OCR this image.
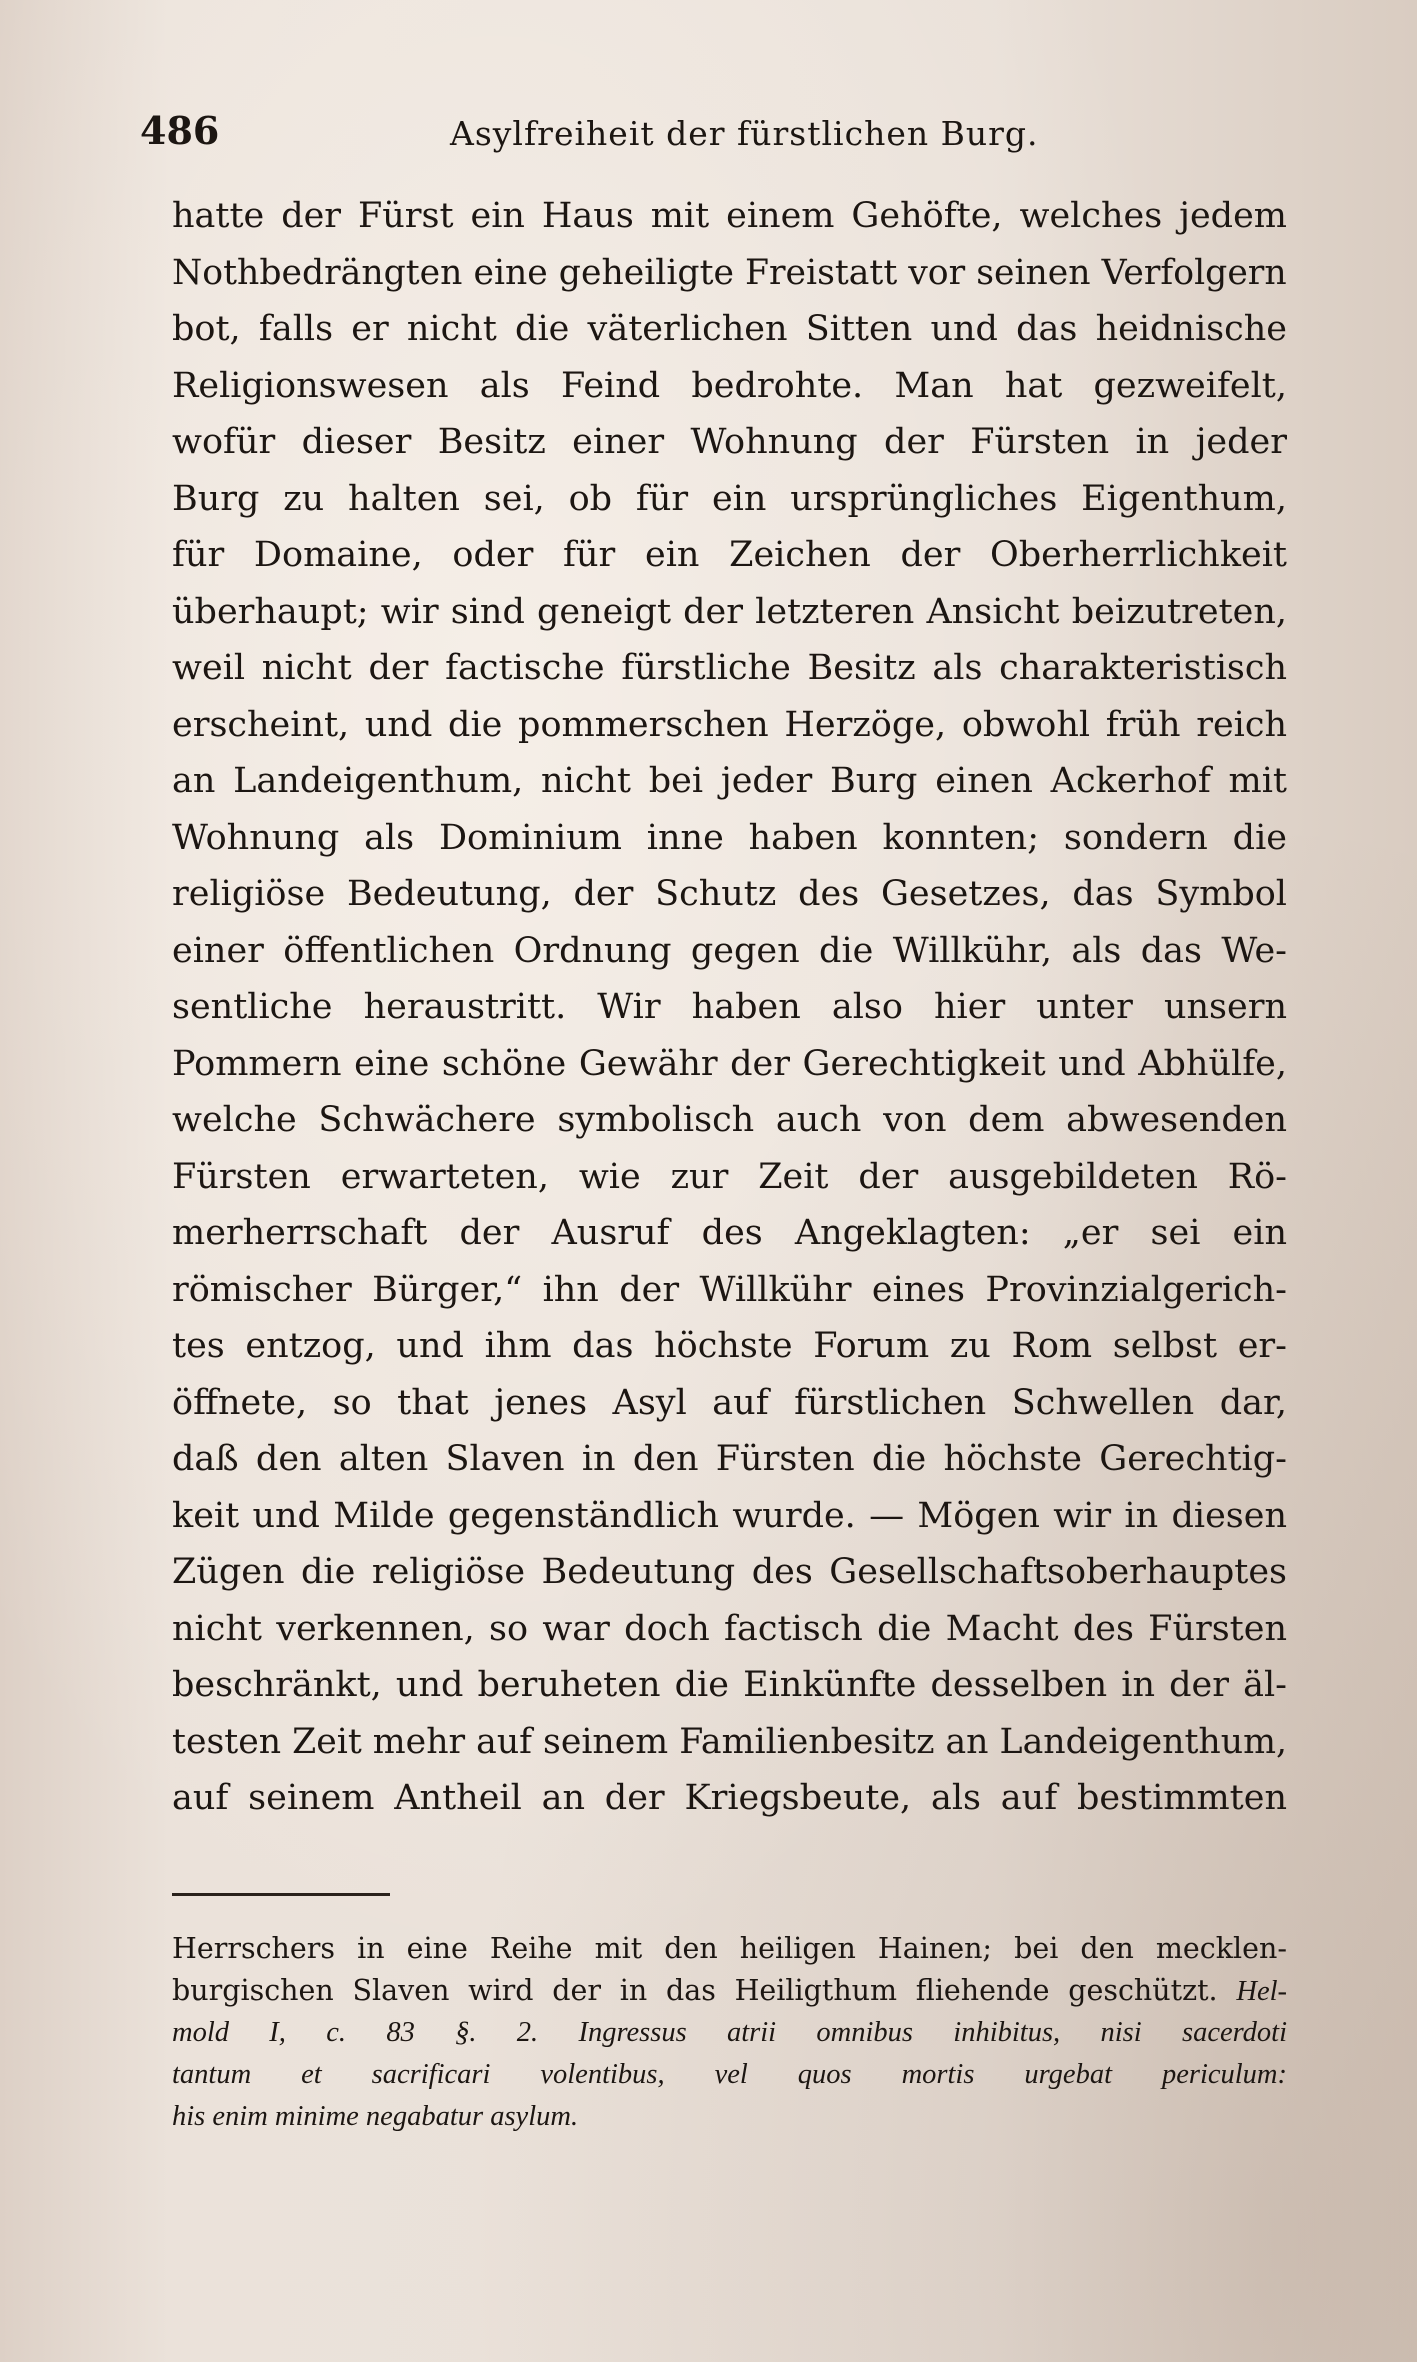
486	Asylfreiheit der fürstlichen Burg.
hatte der Fürst ein Haus mit einem Gehöfte, welches jedem
Nothbedrängten eine geheiligte Freistatt vor seinen Verfolgern
bot, falls er nicht die väterlichen Sitten und das heidnische
Religionswesen als Feind bedrohte. Man hat gezweifelt,
wofür dieser Besitz einer Wohnung der Fürsten in jeder
Burg zu halten sei, ob für ein ursprüngliches Eigenthum,
für Domaine, oder für ein Zeichen der Oberherrlichkeit
überhaupt; wir sind geneigt der letzteren Ansicht beizutreten,
weil nicht der factische fürstliche Besitz als charakteristisch
erscheint, und die pommerschen Herzöge, obwohl früh reich
an Landeigenthum, nicht bei jeder Burg einen Ackerhof mit
Wohnung als Dominium inne haben konnten; sondern die
religiöse Bedeutung, der Schutz des Gesetzes, das Symbol
einer öffentlichen Ordnung gegen die Willkühr, als das We-
sentliche heraustritt. Wir haben also hier unter unsern
Pommern eine schöne Gewähr der Gerechtigkeit und Abhülfe,
welche Schwächere symbolisch auch von dem abwesenden
Fürsten erwarteten, wie zur Zeit der ausgebildeten Rö-
merherrschaft der Ausruf des Angeklagten: „er sei ein
römischer Bürger,“ ihn der Willkühr eines Provinzialgerich-
tes entzog, und ihm das höchste Forum zu Rom selbst er-
öffnete, so that jenes Asyl auf fürstlichen Schwellen dar,
daß den alten Slaven in den Fürsten die höchste Gerechtig-
keit und Milde gegenständlich wurde. — Mögen wir in diesen
Zügen die religiöse Bedeutung des Gesellschaftsoberhauptes
nicht verkennen, so war doch factisch die Macht des Fürsten
beschränkt, und beruheten die Einkünfte desselben in der äl-
testen Zeit mehr auf seinem Familienbesitz an Landeigenthum,
auf seinem Antheil an der Kriegsbeute, als auf bestimmten
Herrschers in eine Reihe mit den heiligen Hainen; bei den mecklen-
burgischen Slaven wird der in das Heiligthum fliehende geschützt. Hel-
mold I, c. 83 §. 2. Ingressus atrii omnibus inhibitus, nisi sacerdoti
tantum et sacrificari volentibus, vel quos mortis urgebat periculum:
his enim minime negabatur asylum.
